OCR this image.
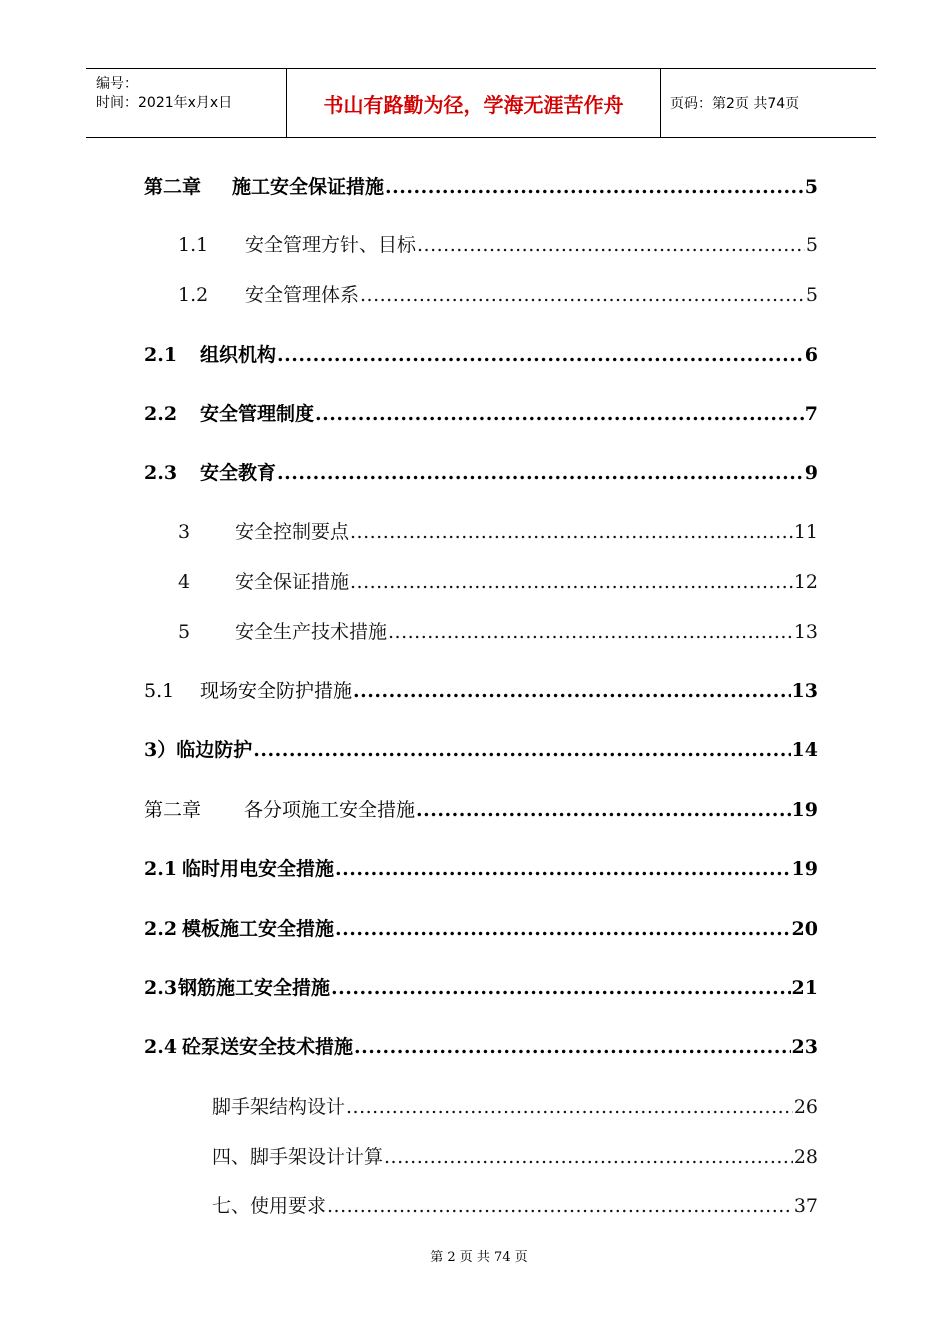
编号：
时间：2021年x月x日	书山有路勤为径，学海无涯苦作舟	页码：第2页 共74页
第二章	施工安全保证措施 .....	5
1.1	安全管理方针、目标 .....	5
1.2	安全管理体系 .....	5
2.1	组织机构 .....	6
2.2	安全管理制度 .....	7
2.3	安全教育 .....	9
3	安全控制要点 .....	11
4	安全保证措施 .....	12
5	安全生产技术措施 .....	13
5.1	现场安全防护措施 .....	13
3） 临边防护 .....	14
第二章	各分项施工安全措施 .....	19
2.1 临时用电安全措施 .....	19
2.2 模板施工安全措施 .....	20
2.3 钢筋施工安全措施 .....	21
2.4 砼泵送安全技术措施 .....	23
脚手架结构设计 .....	26
四、脚手架设计计算 .....	28
七、使用要求 .....	37
第 2 页 共 74 页
